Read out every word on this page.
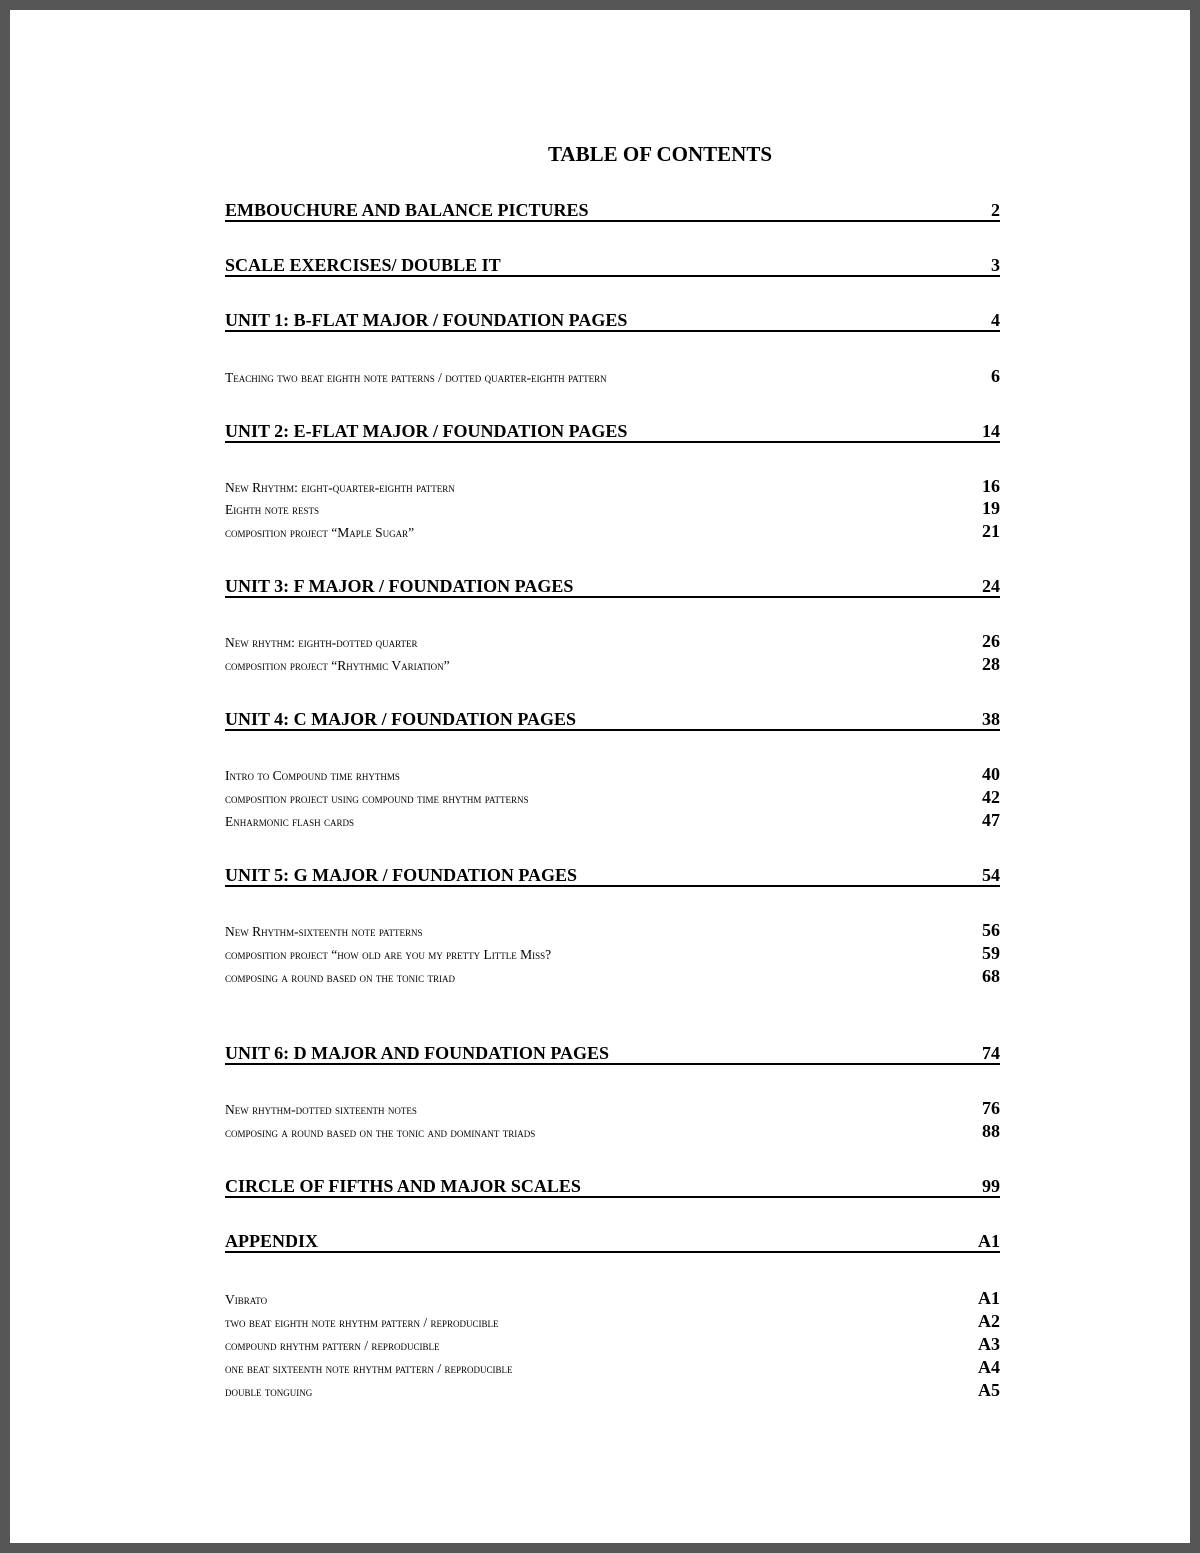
TABLE OF CONTENTS
EMBOUCHURE AND BALANCE PICTURES	2
SCALE EXERCISES/ DOUBLE IT	3
UNIT 1: B-FLAT MAJOR / FOUNDATION PAGES	4
Teaching two beat eighth note patterns / dotted quarter-eighth pattern	6
UNIT 2: E-FLAT MAJOR / FOUNDATION PAGES	14
New Rhythm: eight-quarter-eighth pattern	16
Eighth note rests	19
composition project “Maple Sugar”	21
UNIT 3: F MAJOR / FOUNDATION PAGES	24
New rhythm: eighth-dotted quarter	26
composition project “Rhythmic Variation”	28
UNIT 4: C MAJOR / FOUNDATION PAGES	38
Intro to Compound time rhythms	40
composition project using compound time rhythm patterns	42
Enharmonic flash cards	47
UNIT 5: G MAJOR / FOUNDATION PAGES	54
New Rhythm-sixteenth note patterns	56
composition project “how old are you my pretty Little Miss?	59
composing a round based on the tonic triad	68
UNIT 6: D MAJOR AND FOUNDATION PAGES	74
New rhythm-dotted sixteenth notes	76
composing a round based on the tonic and dominant triads	88
CIRCLE OF FIFTHS AND MAJOR SCALES	99
APPENDIX	A1
Vibrato	A1
two beat eighth note rhythm pattern / reproducible	A2
compound rhythm pattern / reproducible	A3
one beat sixteenth note rhythm pattern / reproducible	A4
double tonguing	A5
